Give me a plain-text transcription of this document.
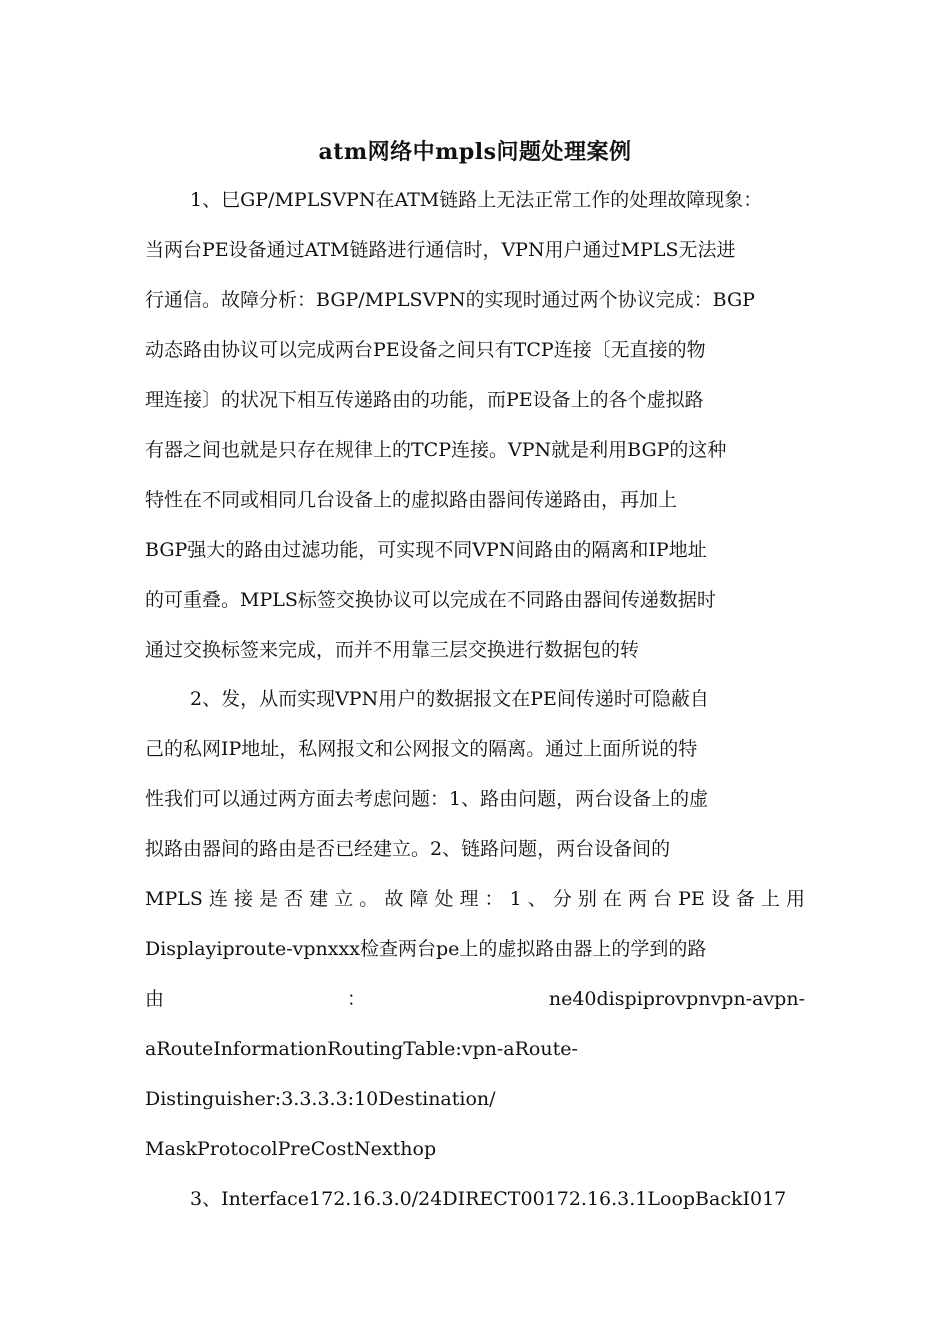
atm网络中mpls问题处理案例
1、巳GP/MPLSVPN在ATM链路上无法正常工作的处理故障现象：
当两台PE设备通过ATM链路进行通信时，VPN用户通过MPLS无法进
行通信。故障分析：BGP/MPLSVPN的实现时通过两个协议完成：BGP
动态路由协议可以完成两台PE设备之间只有TCP连接〔无直接的物
理连接〕的状况下相互传递路由的功能，而PE设备上的各个虚拟路
有器之间也就是只存在规律上的TCP连接。VPN就是利用BGP的这种
特性在不同或相同几台设备上的虚拟路由器间传递路由，再加上
BGP强大的路由过滤功能，可实现不同VPN间路由的隔离和IP地址
的可重叠。MPLS标签交换协议可以完成在不同路由器间传递数据时
通过交换标签来完成，而并不用靠三层交换进行数据包的转
2、发，从而实现VPN用户的数据报文在PE间传递时可隐蔽自
己的私网IP地址，私网报文和公网报文的隔离。通过上面所说的特
性我们可以通过两方面去考虑问题：1、路由问题，两台设备上的虚
拟路由器间的路由是否已经建立。2、链路问题，两台设备间的
MPLS连接是否建立。故障处理：1、分别在两台PE设备上用
Displayiproute-vpnxxx检查两台pe上的虚拟路由器上的学到的路
由 ： ne40dispiprovpnvpn-avpn-
aRouteInformationRoutingTable:vpn-aRoute-
Distinguisher:3.3.3.3:10Destination/
MaskProtocolPreCostNexthop
3、Interface172.16.3.0/24DIRECT00172.16.3.1LoopBackI017
